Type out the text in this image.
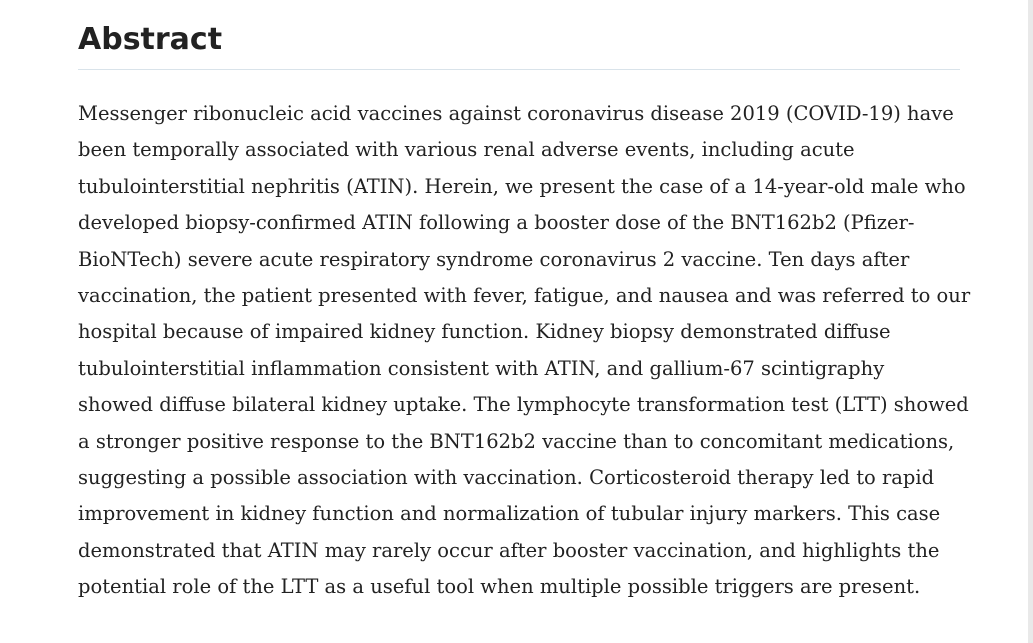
Abstract

Messenger ribonucleic acid vaccines against coronavirus disease 2019 (COVID-19) have
been temporally associated with various renal adverse events, including acute
tubulointerstitial nephritis (ATIN). Herein, we present the case of a 14-year-old male who
developed biopsy-confirmed ATIN following a booster dose of the BNT162b2 (Pfizer-
BioNTech) severe acute respiratory syndrome coronavirus 2 vaccine. Ten days after
vaccination, the patient presented with fever, fatigue, and nausea and was referred to our
hospital because of impaired kidney function. Kidney biopsy demonstrated diffuse
tubulointerstitial inflammation consistent with ATIN, and gallium-67 scintigraphy
showed diffuse bilateral kidney uptake. The lymphocyte transformation test (LTT) showed
a stronger positive response to the BNT162b2 vaccine than to concomitant medications,
suggesting a possible association with vaccination. Corticosteroid therapy led to rapid
improvement in kidney function and normalization of tubular injury markers. This case
demonstrated that ATIN may rarely occur after booster vaccination, and highlights the
potential role of the LTT as a useful tool when multiple possible triggers are present.
